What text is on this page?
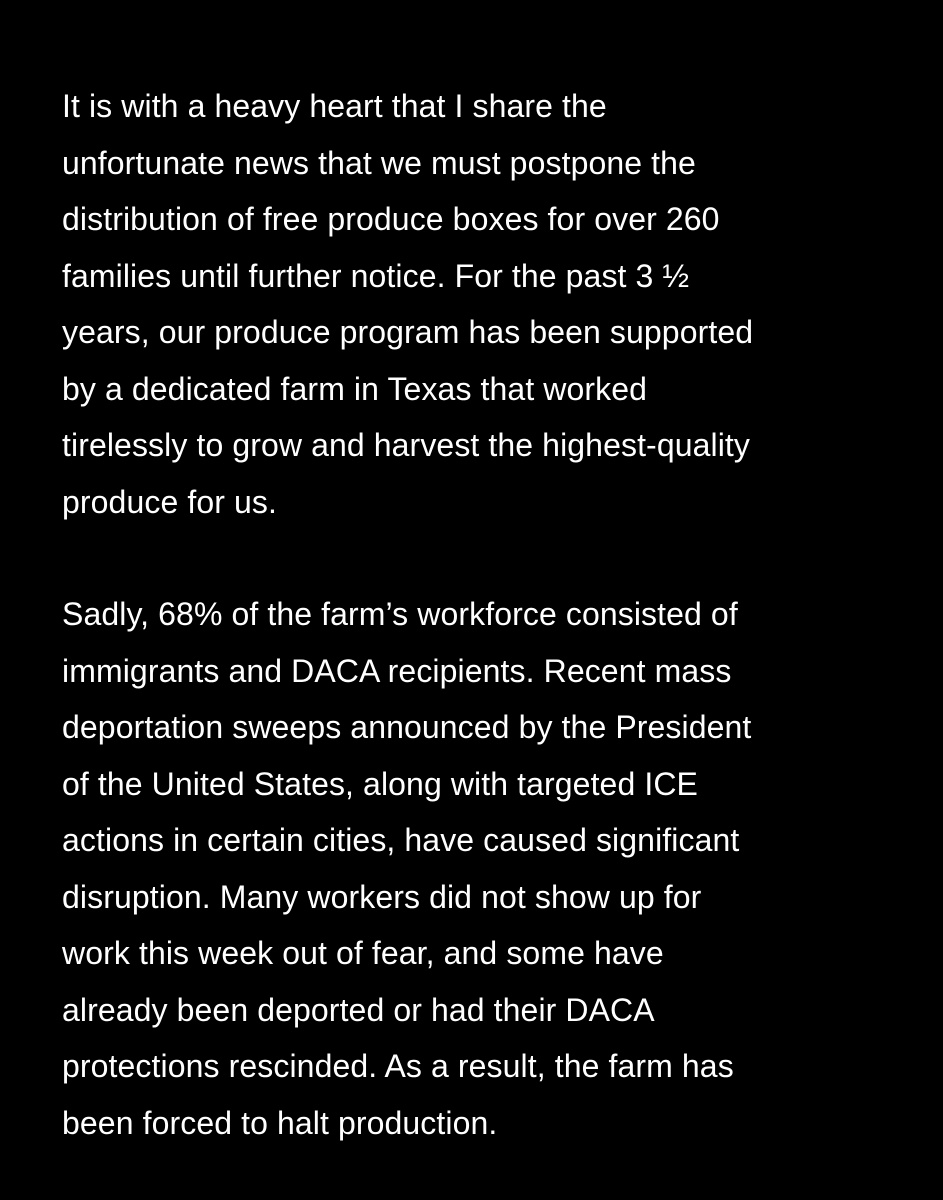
It is with a heavy heart that I share the
unfortunate news that we must postpone the
distribution of free produce boxes for over 260
families until further notice. For the past 3 ½
years, our produce program has been supported
by a dedicated farm in Texas that worked
tirelessly to grow and harvest the highest-quality
produce for us.

Sadly, 68% of the farm’s workforce consisted of
immigrants and DACA recipients. Recent mass
deportation sweeps announced by the President
of the United States, along with targeted ICE
actions in certain cities, have caused significant
disruption. Many workers did not show up for
work this week out of fear, and some have
already been deported or had their DACA
protections rescinded. As a result, the farm has
been forced to halt production.
